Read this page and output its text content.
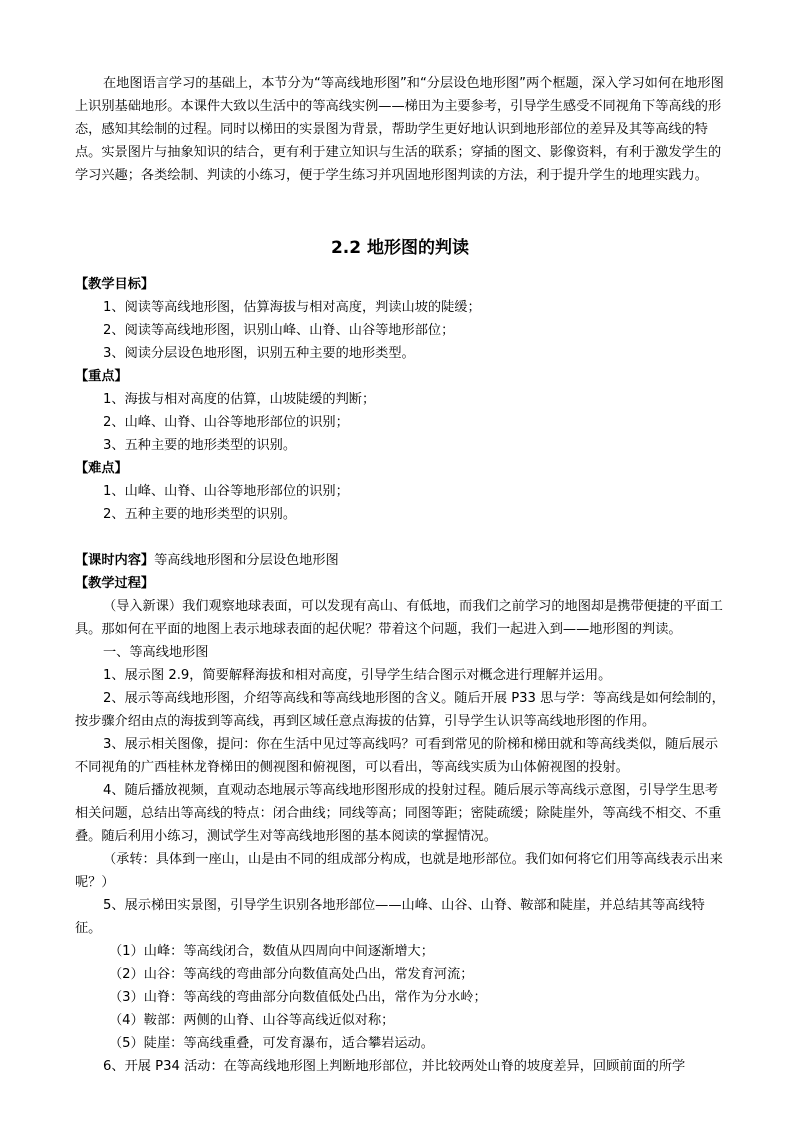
在地图语言学习的基础上，本节分为“等高线地形图”和“分层设色地形图”两个框题，深入学习如何在地形图上识别基础地形。本课件大致以生活中的等高线实例——梯田为主要参考，引导学生感受不同视角下等高线的形态，感知其绘制的过程。同时以梯田的实景图为背景，帮助学生更好地认识到地形部位的差异及其等高线的特点。实景图片与抽象知识的结合，更有利于建立知识与生活的联系；穿插的图文、影像资料，有利于激发学生的学习兴趣；各类绘制、判读的小练习，便于学生练习并巩固地形图判读的方法，利于提升学生的地理实践力。

2.2 地形图的判读

【教学目标】

1、阅读等高线地形图，估算海拔与相对高度，判读山坡的陡缓；

2、阅读等高线地形图，识别山峰、山脊、山谷等地形部位；

3、阅读分层设色地形图，识别五种主要的地形类型。

【重点】

1、海拔与相对高度的估算，山坡陡缓的判断；

2、山峰、山脊、山谷等地形部位的识别；

3、五种主要的地形类型的识别。

【难点】

1、山峰、山脊、山谷等地形部位的识别；

2、五种主要的地形类型的识别。

【课时内容】等高线地形图和分层设色地形图

【教学过程】

（导入新课）我们观察地球表面，可以发现有高山、有低地，而我们之前学习的地图却是携带便捷的平面工具。那如何在平面的地图上表示地球表面的起伏呢？带着这个问题，我们一起进入到——地形图的判读。

一、等高线地形图

1、展示图 2.9，简要解释海拔和相对高度，引导学生结合图示对概念进行理解并运用。

2、展示等高线地形图，介绍等高线和等高线地形图的含义。随后开展 P33 思与学：等高线是如何绘制的，按步骤介绍由点的海拔到等高线，再到区域任意点海拔的估算，引导学生认识等高线地形图的作用。

3、展示相关图像，提问：你在生活中见过等高线吗？可看到常见的阶梯和梯田就和等高线类似，随后展示不同视角的广西桂林龙脊梯田的侧视图和俯视图，可以看出，等高线实质为山体俯视图的投射。

4、随后播放视频，直观动态地展示等高线地形图形成的投射过程。随后展示等高线示意图，引导学生思考相关问题，总结出等高线的特点：闭合曲线；同线等高；同图等距；密陡疏缓；除陡崖外，等高线不相交、不重叠。随后利用小练习，测试学生对等高线地形图的基本阅读的掌握情况。

（承转：具体到一座山，山是由不同的组成部分构成，也就是地形部位。我们如何将它们用等高线表示出来呢？）

5、展示梯田实景图，引导学生识别各地形部位——山峰、山谷、山脊、鞍部和陡崖，并总结其等高线特征。

（1）山峰：等高线闭合，数值从四周向中间逐渐增大；

（2）山谷：等高线的弯曲部分向数值高处凸出，常发育河流；

（3）山脊：等高线的弯曲部分向数值低处凸出，常作为分水岭；

（4）鞍部：两侧的山脊、山谷等高线近似对称；

（5）陡崖：等高线重叠，可发育瀑布，适合攀岩运动。

6、开展 P34 活动：在等高线地形图上判断地形部位，并比较两处山脊的坡度差异，回顾前面的所学
